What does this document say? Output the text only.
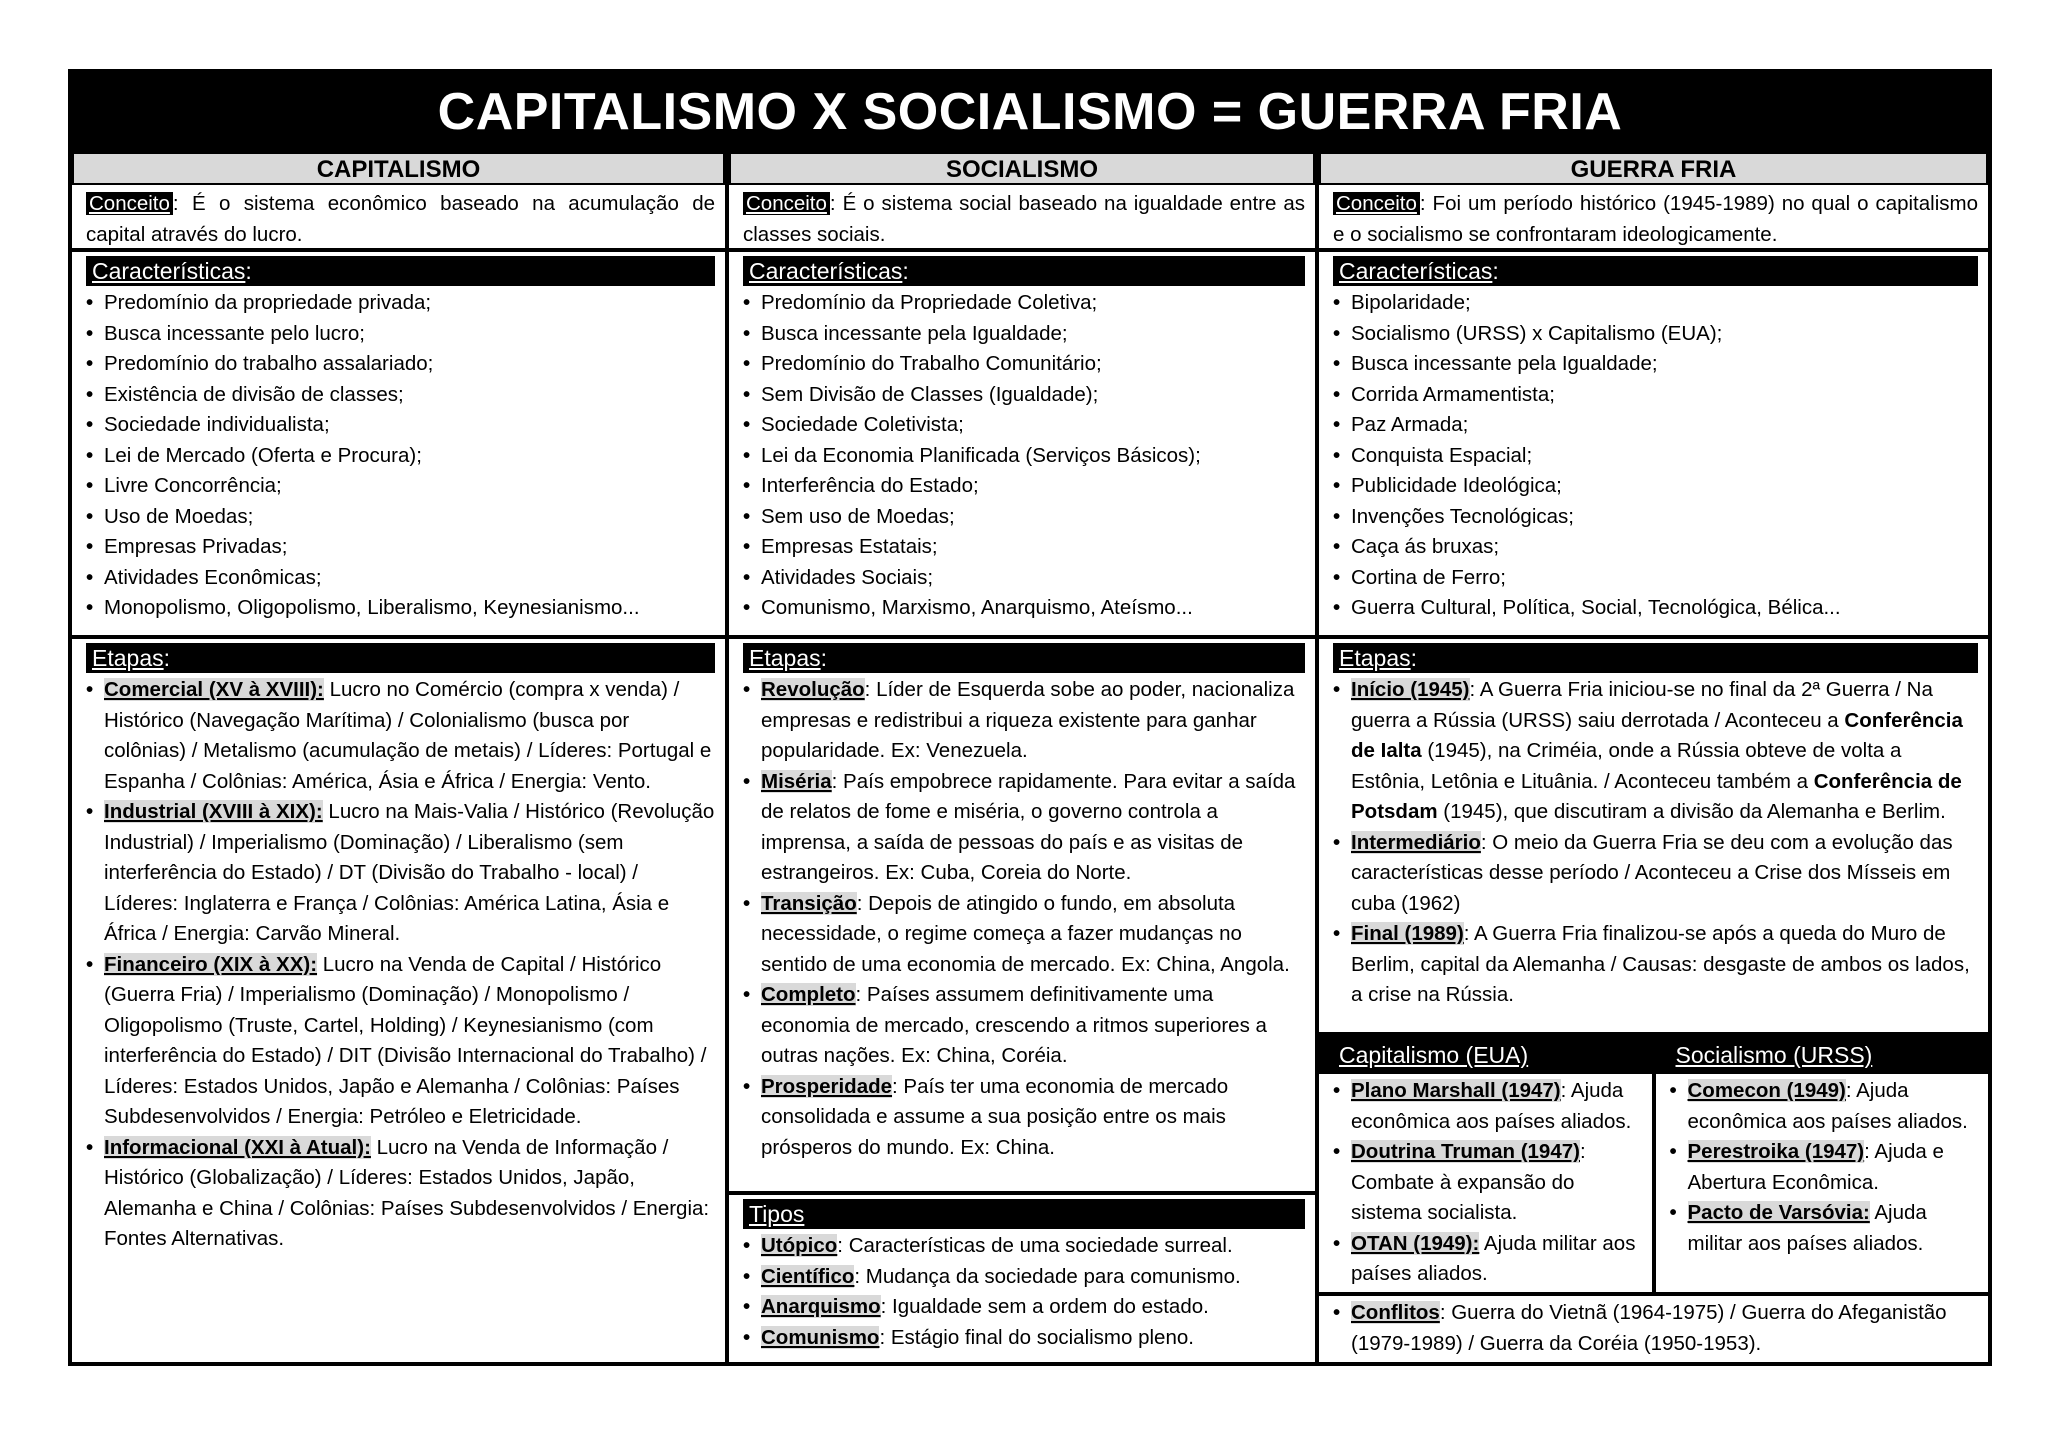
CAPITALISMO X SOCIALISMO = GUERRA FRIA
CAPITALISMO
Conceito : É o sistema econômico baseado na acumulação de capital através do lucro.
Características:
• Predomínio da propriedade privada;
• Busca incessante pelo lucro;
• Predomínio do trabalho assalariado;
• Existência de divisão de classes;
• Sociedade individualista;
• Lei de Mercado (Oferta e Procura);
• Livre Concorrência;
• Uso de Moedas;
• Empresas Privadas;
• Atividades Econômicas;
• Monopolismo, Oligopolismo, Liberalismo, Keynesianismo...
Etapas:
• Comercial (XV à XVIII): Lucro no Comércio (compra x venda) / Histórico (Navegação Marítima) / Colonialismo (busca por colônias) / Metalismo (acumulação de metais) / Líderes: Portugal e Espanha / Colônias: América, Ásia e África / Energia: Vento.
• Industrial (XVIII à XIX): Lucro na Mais-Valia / Histórico (Revolução Industrial) / Imperialismo (Dominação) / Liberalismo (sem interferência do Estado) / DT (Divisão do Trabalho - local) / Líderes: Inglaterra e França / Colônias: América Latina, Ásia e África / Energia: Carvão Mineral.
• Financeiro (XIX à XX): Lucro na Venda de Capital / Histórico (Guerra Fria) / Imperialismo (Dominação) / Monopolismo / Oligopolismo (Truste, Cartel, Holding) / Keynesianismo (com interferência do Estado) / DIT (Divisão Internacional do Trabalho) / Líderes: Estados Unidos, Japão e Alemanha / Colônias: Países Subdesenvolvidos / Energia: Petróleo e Eletricidade.
• Informacional (XXI à Atual): Lucro na Venda de Informação / Histórico (Globalização) / Líderes: Estados Unidos, Japão, Alemanha e China / Colônias: Países Subdesenvolvidos / Energia: Fontes Alternativas.
SOCIALISMO
Conceito : É o sistema social baseado na igualdade entre as classes sociais.
Características:
• Predomínio da Propriedade Coletiva;
• Busca incessante pela Igualdade;
• Predomínio do Trabalho Comunitário;
• Sem Divisão de Classes (Igualdade);
• Sociedade Coletivista;
• Lei da Economia Planificada (Serviços Básicos);
• Interferência do Estado;
• Sem uso de Moedas;
• Empresas Estatais;
• Atividades Sociais;
• Comunismo, Marxismo, Anarquismo, Ateísmo...
Etapas:
• Revolução: Líder de Esquerda sobe ao poder, nacionaliza empresas e redistribui a riqueza existente para ganhar popularidade. Ex: Venezuela.
• Miséria: País empobrece rapidamente. Para evitar a saída de relatos de fome e miséria, o governo controla a imprensa, a saída de pessoas do país e as visitas de estrangeiros. Ex: Cuba, Coreia do Norte.
• Transição: Depois de atingido o fundo, em absoluta necessidade, o regime começa a fazer mudanças no sentido de uma economia de mercado. Ex: China, Angola.
• Completo: Países assumem definitivamente uma economia de mercado, crescendo a ritmos superiores a outras nações. Ex: China, Coréia.
• Prosperidade: País ter uma economia de mercado consolidada e assume a sua posição entre os mais prósperos do mundo. Ex: China.
Tipos
• Utópico: Características de uma sociedade surreal.
• Científico: Mudança da sociedade para comunismo.
• Anarquismo: Igualdade sem a ordem do estado.
• Comunismo: Estágio final do socialismo pleno.
GUERRA FRIA
Conceito : Foi um período histórico (1945-1989) no qual o capitalismo e o socialismo se confrontaram ideologicamente.
Características:
• Bipolaridade;
• Socialismo (URSS) x Capitalismo (EUA);
• Busca incessante pela Igualdade;
• Corrida Armamentista;
• Paz Armada;
• Conquista Espacial;
• Publicidade Ideológica;
• Invenções Tecnológicas;
• Caça ás bruxas;
• Cortina de Ferro;
• Guerra Cultural, Política, Social, Tecnológica, Bélica...
Etapas:
• Início (1945): A Guerra Fria iniciou-se no final da 2ª Guerra / Na guerra a Rússia (URSS) saiu derrotada / Aconteceu a Conferência de Ialta (1945), na Criméia, onde a Rússia obteve de volta a Estônia, Letônia e Lituânia. / Aconteceu também a Conferência de Potsdam (1945), que discutiram a divisão da Alemanha e Berlim.
• Intermediário: O meio da Guerra Fria se deu com a evolução das características desse período / Aconteceu a Crise dos Mísseis em cuba (1962)
• Final (1989): A Guerra Fria finalizou-se após a queda do Muro de Berlim, capital da Alemanha / Causas: desgaste de ambos os lados, a crise na Rússia.
Capitalismo (EUA)
• Plano Marshall (1947): Ajuda econômica aos países aliados.
• Doutrina Truman (1947): Combate à expansão do sistema socialista.
• OTAN (1949): Ajuda militar aos países aliados.
Socialismo (URSS)
• Comecon (1949): Ajuda econômica aos países aliados.
• Perestroika (1947): Ajuda e Abertura Econômica.
• Pacto de Varsóvia: Ajuda militar aos países aliados.
• Conflitos: Guerra do Vietnã (1964-1975) / Guerra do Afeganistão (1979-1989) / Guerra da Coréia (1950-1953).
